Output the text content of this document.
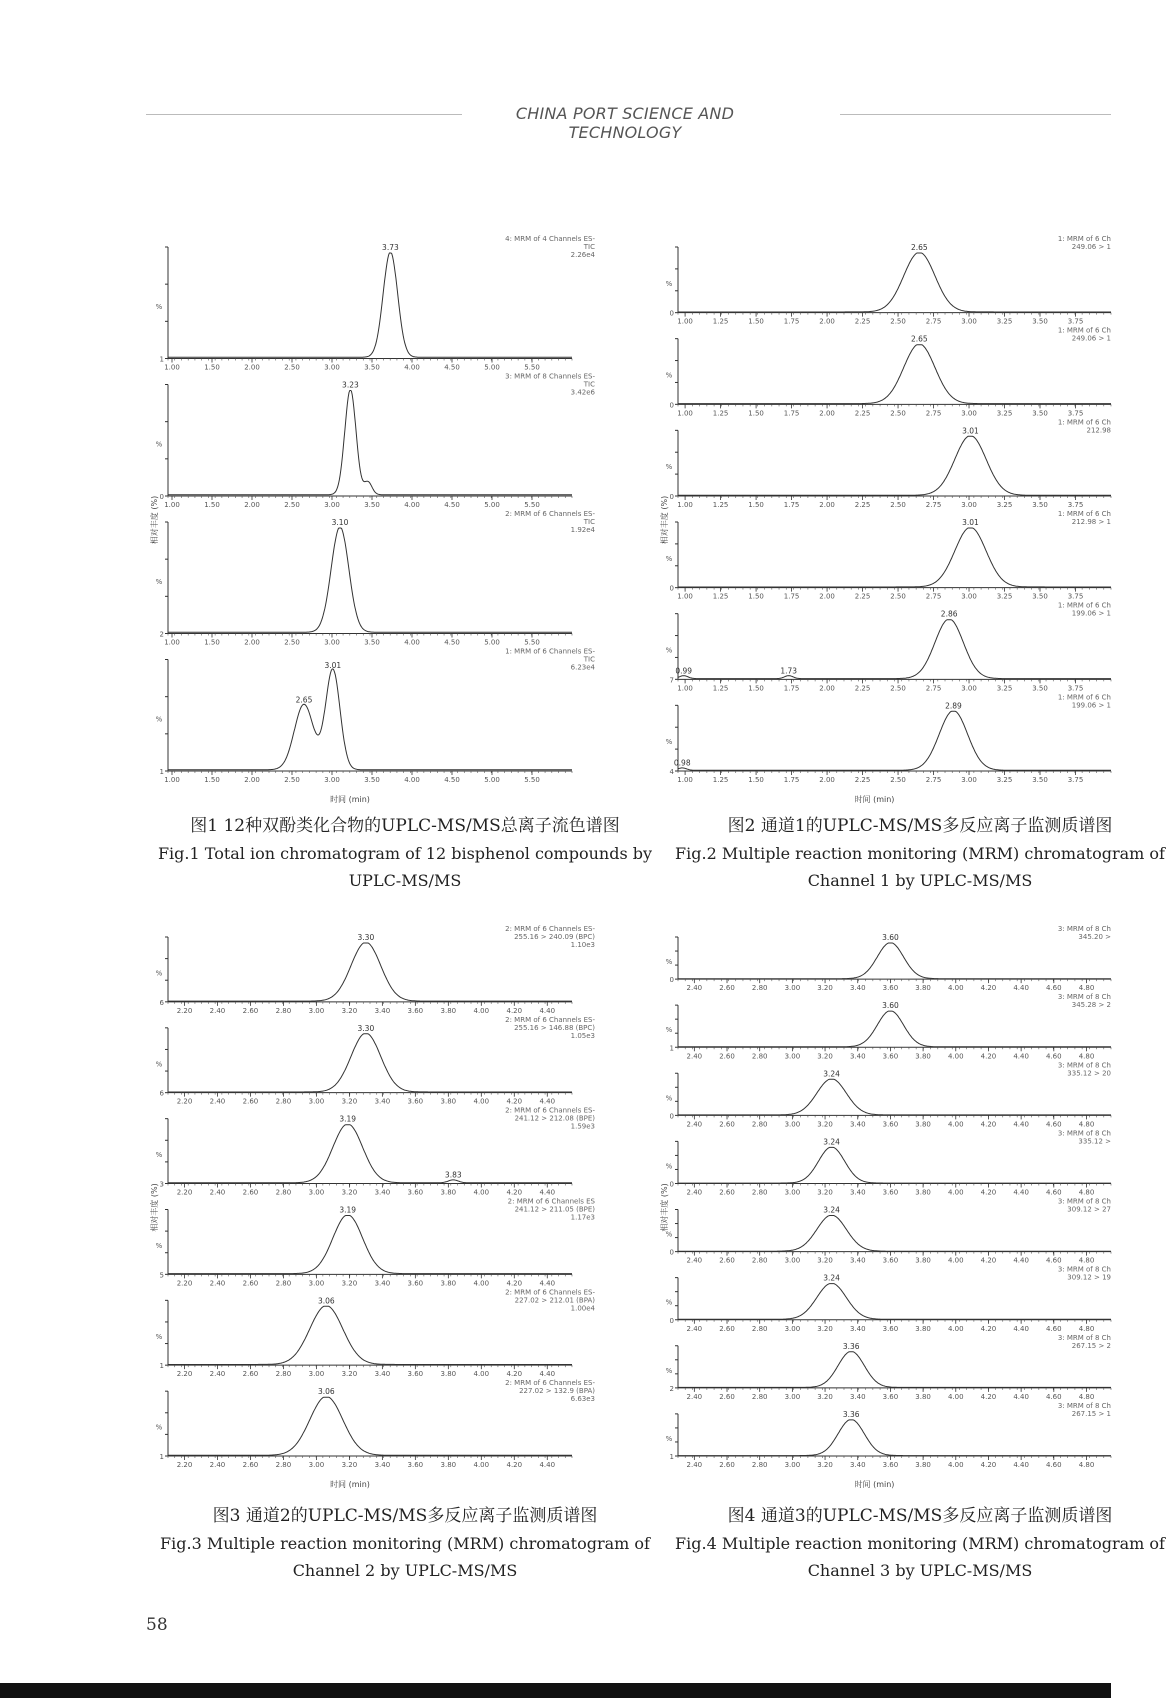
CHINA PORT SCIENCE AND TECHNOLOGY
%
1
1.00	1.50	2.00	2.50	3.00	3.50	4.00	4.50	5.00	5.50
3.73
4: MRM of 4 Channels ES-
TIC
2.26e4
%
0
1.00	1.50	2.00	2.50	3.00	3.50	4.00	4.50	5.00	5.50
3.23
3: MRM of 8 Channels ES-
TIC
3.42e6
%
2
1.00	1.50	2.00	2.50	3.00	3.50	4.00	4.50	5.00	5.50
3.10
2: MRM of 6 Channels ES-
TIC
1.92e4
%
1
1.00	1.50	2.00	2.50	3.00	3.50	4.00	4.50	5.00	5.50
2.65
3.01
1: MRM of 6 Channels ES-
TIC
6.23e4
相对丰度 (%)
时间 (min)
图1 12种双酚类化合物的UPLC-MS/MS总离子流色谱图
Fig.1 Total ion chromatogram of 12 bisphenol compounds by
UPLC-MS/MS
%
0
1.00	1.25	1.50	1.75	2.00	2.25	2.50	2.75	3.00	3.25	3.50	3.75
2.65
1: MRM of 6 Ch
249.06 > 1
%
0
1.00	1.25	1.50	1.75	2.00	2.25	2.50	2.75	3.00	3.25	3.50	3.75
2.65
1: MRM of 6 Ch
249.06 > 1
%
0
1.00	1.25	1.50	1.75	2.00	2.25	2.50	2.75	3.00	3.25	3.50	3.75
3.01
1: MRM of 6 Ch
212.98
%
0
1.00	1.25	1.50	1.75	2.00	2.25	2.50	2.75	3.00	3.25	3.50	3.75
3.01
1: MRM of 6 Ch
212.98 > 1
%
7
1.00	1.25	1.50	1.75	2.00	2.25	2.50	2.75	3.00	3.25	3.50	3.75
2.86
0.99	1.73
1: MRM of 6 Ch
199.06 > 1
%
4
1.00	1.25	1.50	1.75	2.00	2.25	2.50	2.75	3.00	3.25	3.50	3.75
2.89
0.98
1: MRM of 6 Ch
199.06 > 1
相对丰度 (%)
时间 (min)
图2 通道1的UPLC-MS/MS多反应离子监测质谱图
Fig.2 Multiple reaction monitoring (MRM) chromatogram of
Channel 1 by UPLC-MS/MS
%
6
2.20 2.40 2.60 2.80 3.00 3.20 3.40 3.60 3.80 4.00 4.20 4.40
3.30
2: MRM of 6 Channels ES-
255.16 > 240.09 (BPC)
1.10e3
%
6
2.20 2.40 2.60 2.80 3.00 3.20 3.40 3.60 3.80 4.00 4.20 4.40
3.30
2: MRM of 6 Channels ES-
255.16 > 146.88 (BPC)
1.05e3
%
3
2.20 2.40 2.60 2.80 3.00 3.20 3.40 3.60 3.80 4.00 4.20 4.40
3.19
3.83
2: MRM of 6 Channels ES-
241.12 > 212.08 (BPE)
1.59e3
%
5
2.20 2.40 2.60 2.80 3.00 3.20 3.40 3.60 3.80 4.00 4.20 4.40
3.19
2: MRM of 6 Channels ES
241.12 > 211.05 (BPE)
1.17e3
%
1
2.20 2.40 2.60 2.80 3.00 3.20 3.40 3.60 3.80 4.00 4.20 4.40
3.06
2: MRM of 6 Channels ES-
227.02 > 212.01 (BPA)
1.00e4
%
1
2.20 2.40 2.60 2.80 3.00 3.20 3.40 3.60 3.80 4.00 4.20 4.40
3.06
2: MRM of 6 Channels ES-
227.02 > 132.9 (BPA)
6.63e3
相对丰度 (%)
时间 (min)
图3 通道2的UPLC-MS/MS多反应离子监测质谱图
Fig.3 Multiple reaction monitoring (MRM) chromatogram of
Channel 2 by UPLC-MS/MS
%
0
2.40 2.60 2.80 3.00 3.20 3.40 3.60 3.80 4.00 4.20 4.40 4.60 4.80
3.60
3: MRM of 8 Ch
345.20 >
%
1
2.40 2.60 2.80 3.00 3.20 3.40 3.60 3.80 4.00 4.20 4.40 4.60 4.80
3.60
3: MRM of 8 Ch
345.28 > 2
%
0
2.40 2.60 2.80 3.00 3.20 3.40 3.60 3.80 4.00 4.20 4.40 4.60 4.80
3.24
3: MRM of 8 Ch
335.12 > 20
%
0
2.40 2.60 2.80 3.00 3.20 3.40 3.60 3.80 4.00 4.20 4.40 4.60 4.80
3.24
3: MRM of 8 Ch
335.12 >
%
0
2.40 2.60 2.80 3.00 3.20 3.40 3.60 3.80 4.00 4.20 4.40 4.60 4.80
3.24
3: MRM of 8 Ch
309.12 > 27
%
0
2.40 2.60 2.80 3.00 3.20 3.40 3.60 3.80 4.00 4.20 4.40 4.60 4.80
3.24
3: MRM of 8 Ch
309.12 > 19
%
2
2.40 2.60 2.80 3.00 3.20 3.40 3.60 3.80 4.00 4.20 4.40 4.60 4.80
3.36
3: MRM of 8 Ch
267.15 > 2
%
1
2.40 2.60 2.80 3.00 3.20 3.40 3.60 3.80 4.00 4.20 4.40 4.60 4.80
3.36
3: MRM of 8 Ch
267.15 > 1
相对丰度 (%)
时间 (min)
图4 通道3的UPLC-MS/MS多反应离子监测质谱图
Fig.4 Multiple reaction monitoring (MRM) chromatogram of
Channel 3 by UPLC-MS/MS
58
